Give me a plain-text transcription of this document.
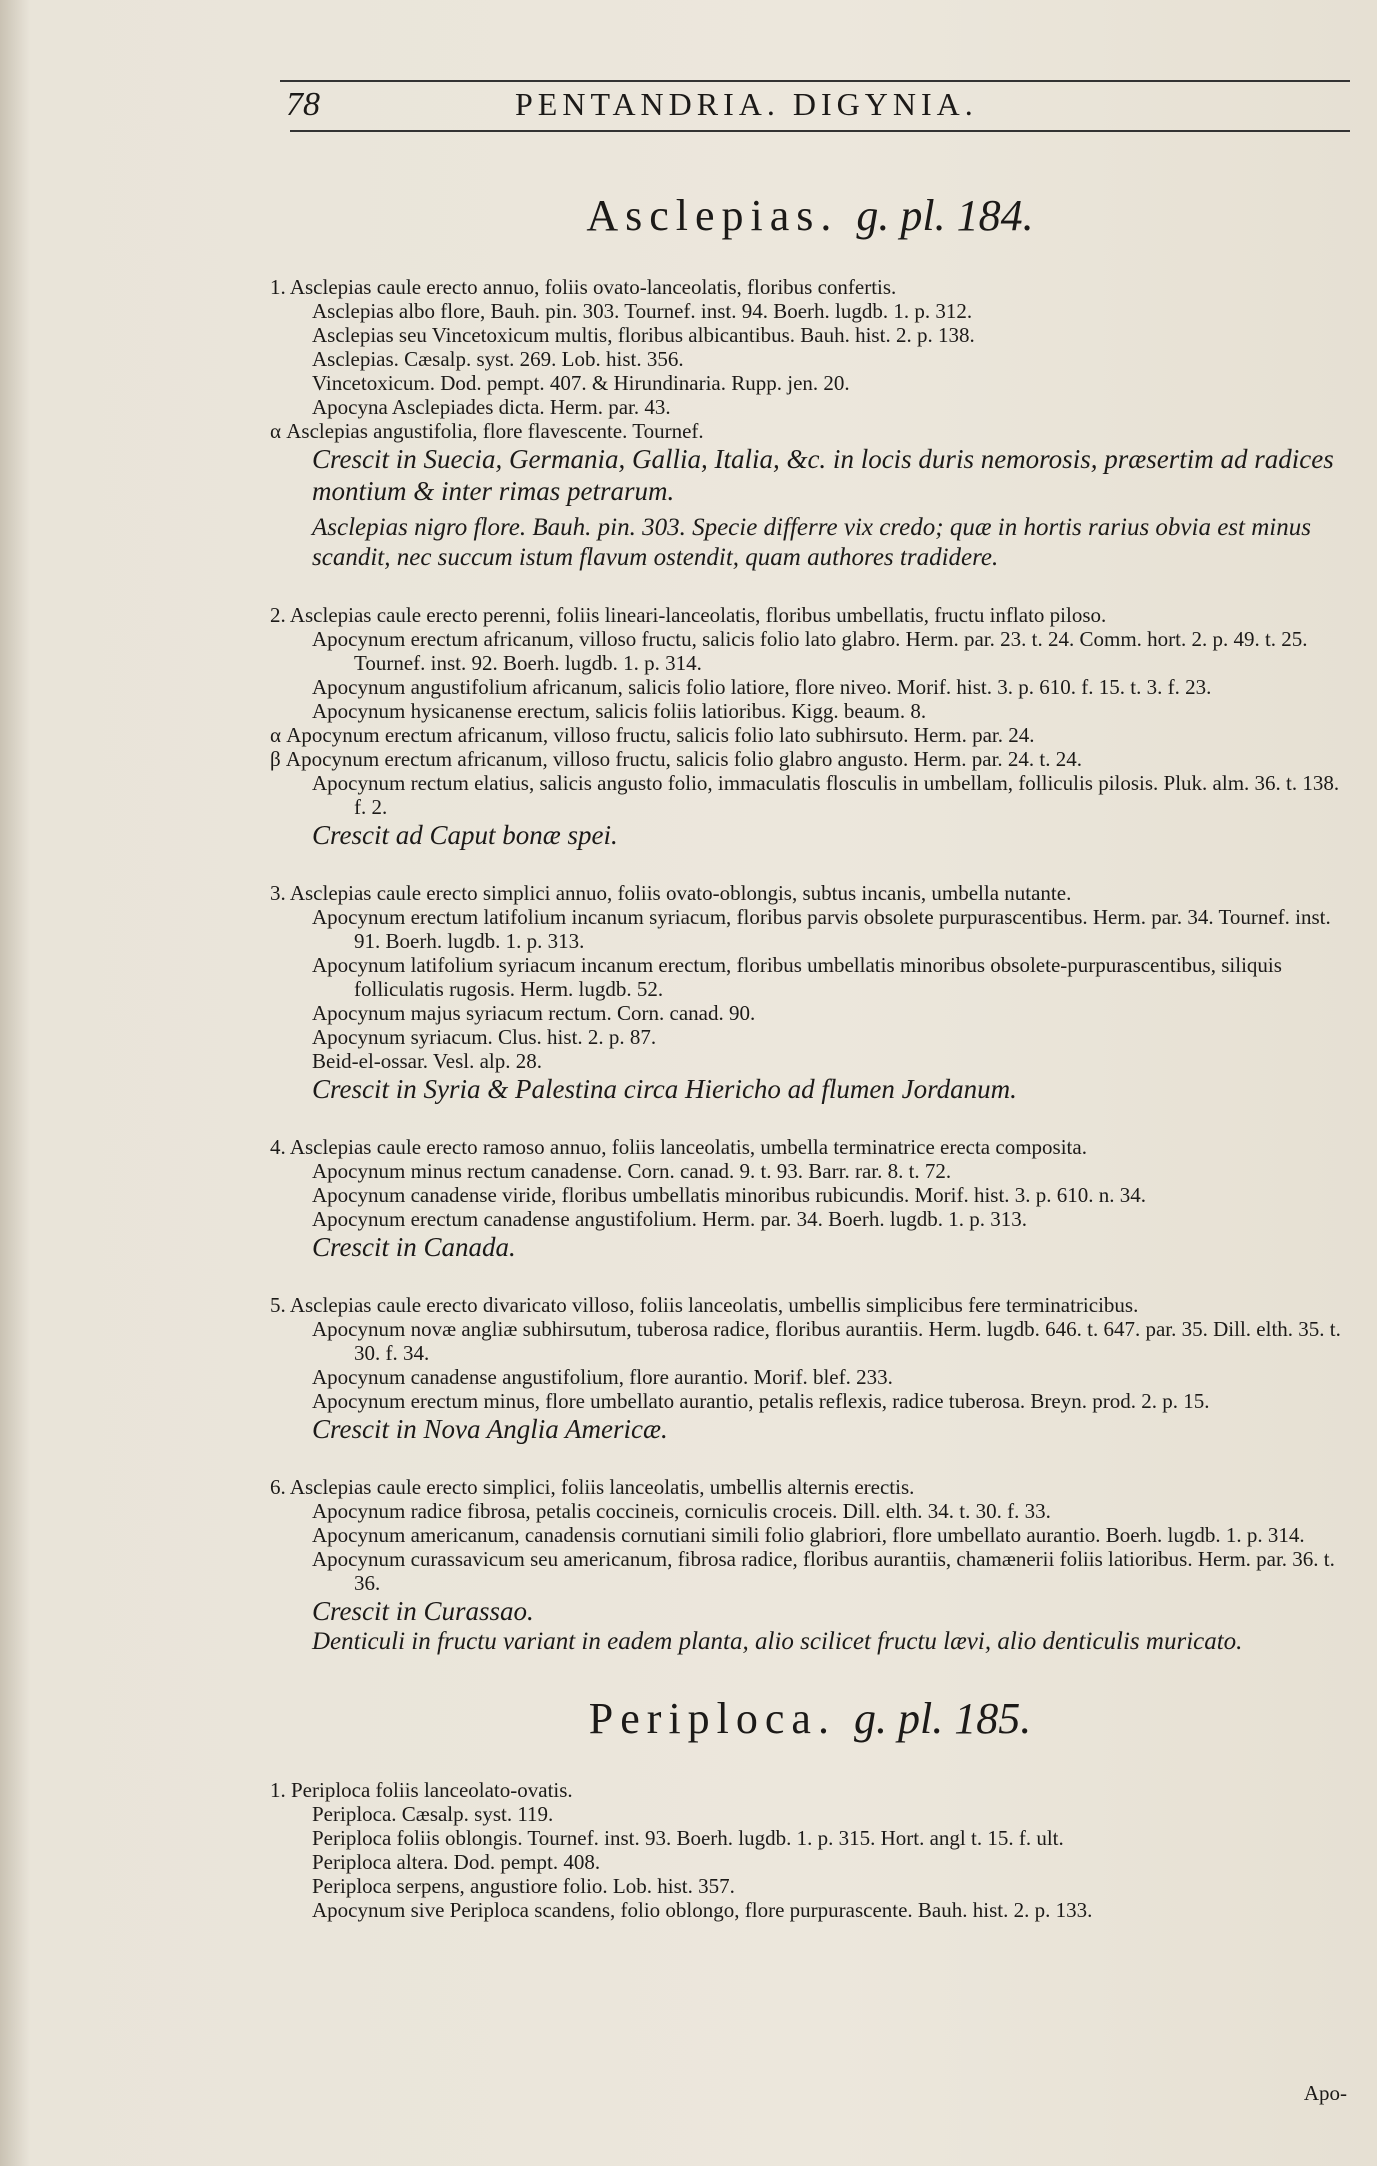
78	PENTANDRIA. DIGYNIA.
Asclepias. g. pl. 184.
1. Asclepias caule erecto annuo, foliis ovato-lanceolatis, floribus confertis.
Asclepias albo flore, Bauh. pin. 303. Tournef. inst. 94. Boerh. lugdb. 1. p. 312.
Asclepias seu Vincetoxicum multis, floribus albicantibus. Bauh. hist. 2. p. 138.
Asclepias. Cæsalp. syst. 269. Lob. hist. 356.
Vincetoxicum. Dod. pempt. 407. & Hirundinaria. Rupp. jen. 20.
Apocyna Asclepiades dicta. Herm. par. 43.
α Asclepias angustifolia, flore flavescente. Tournef.
Crescit in Suecia, Germania, Gallia, Italia, &c. in locis duris nemorosis, præsertim ad radices montium & inter rimas petrarum.
Asclepias nigro flore. Bauh. pin. 303. Specie differre vix credo; quæ in hortis rarius obvia est minus scandit, nec succum istum flavum ostendit, quam authores tradidere.
2. Asclepias caule erecto perenni, foliis lineari-lanceolatis, floribus umbellatis, fructu inflato piloso.
Apocynum erectum africanum, villoso fructu, salicis folio lato glabro. Herm. par. 23. t. 24. Comm. hort. 2. p. 49. t. 25. Tournef. inst. 92. Boerh. lugdb. 1. p. 314.
Apocynum angustifolium africanum, salicis folio latiore, flore niveo. Morif. hist. 3. p. 610. f. 15. t. 3. f. 23.
Apocynum hysicanense erectum, salicis foliis latioribus. Kigg. beaum. 8.
α Apocynum erectum africanum, villoso fructu, salicis folio lato subhirsuto. Herm. par. 24.
β Apocynum erectum africanum, villoso fructu, salicis folio glabro angusto. Herm. par. 24. t. 24.
Apocynum rectum elatius, salicis angusto folio, immaculatis flosculis in umbellam, folliculis pilosis. Pluk. alm. 36. t. 138. f. 2.
Crescit ad Caput bonæ spei.
3. Asclepias caule erecto simplici annuo, foliis ovato-oblongis, subtus incanis, umbella nutante.
Apocynum erectum latifolium incanum syriacum, floribus parvis obsolete purpurascentibus. Herm. par. 34. Tournef. inst. 91. Boerh. lugdb. 1. p. 313.
Apocynum latifolium syriacum incanum erectum, floribus umbellatis minoribus obsolete-purpurascentibus, siliquis folliculatis rugosis. Herm. lugdb. 52.
Apocynum majus syriacum rectum. Corn. canad. 90.
Apocynum syriacum. Clus. hist. 2. p. 87.
Beid-el-ossar. Vesl. alp. 28.
Crescit in Syria & Palestina circa Hiericho ad flumen Jordanum.
4. Asclepias caule erecto ramoso annuo, foliis lanceolatis, umbella terminatrice erecta composita.
Apocynum minus rectum canadense. Corn. canad. 9. t. 93. Barr. rar. 8. t. 72.
Apocynum canadense viride, floribus umbellatis minoribus rubicundis. Morif. hist. 3. p. 610. n. 34.
Apocynum erectum canadense angustifolium. Herm. par. 34. Boerh. lugdb. 1. p. 313.
Crescit in Canada.
5. Asclepias caule erecto divaricato villoso, foliis lanceolatis, umbellis simplicibus fere terminatricibus.
Apocynum novæ angliæ subhirsutum, tuberosa radice, floribus aurantiis. Herm. lugdb. 646. t. 647. par. 35. Dill. elth. 35. t. 30. f. 34.
Apocynum canadense angustifolium, flore aurantio. Morif. blef. 233.
Apocynum erectum minus, flore umbellato aurantio, petalis reflexis, radice tuberosa. Breyn. prod. 2. p. 15.
Crescit in Nova Anglia Americæ.
6. Asclepias caule erecto simplici, foliis lanceolatis, umbellis alternis erectis.
Apocynum radice fibrosa, petalis coccineis, corniculis croceis. Dill. elth. 34. t. 30. f. 33.
Apocynum americanum, canadensis cornutiani simili folio glabriori, flore umbellato aurantio. Boerh. lugdb. 1. p. 314.
Apocynum curassavicum seu americanum, fibrosa radice, floribus aurantiis, chamænerii foliis latioribus. Herm. par. 36. t. 36.
Crescit in Curassao.
Denticuli in fructu variant in eadem planta, alio scilicet fructu lævi, alio denticulis muricato.
Periploca. g. pl. 185.
1. Periploca foliis lanceolato-ovatis.
Periploca. Cæsalp. syst. 119.
Periploca foliis oblongis. Tournef. inst. 93. Boerh. lugdb. 1. p. 315. Hort. angl t. 15. f. ult.
Periploca altera. Dod. pempt. 408.
Periploca serpens, angustiore folio. Lob. hist. 357.
Apocynum sive Periploca scandens, folio oblongo, flore purpurascente. Bauh. hist. 2. p. 133.
Apo-
